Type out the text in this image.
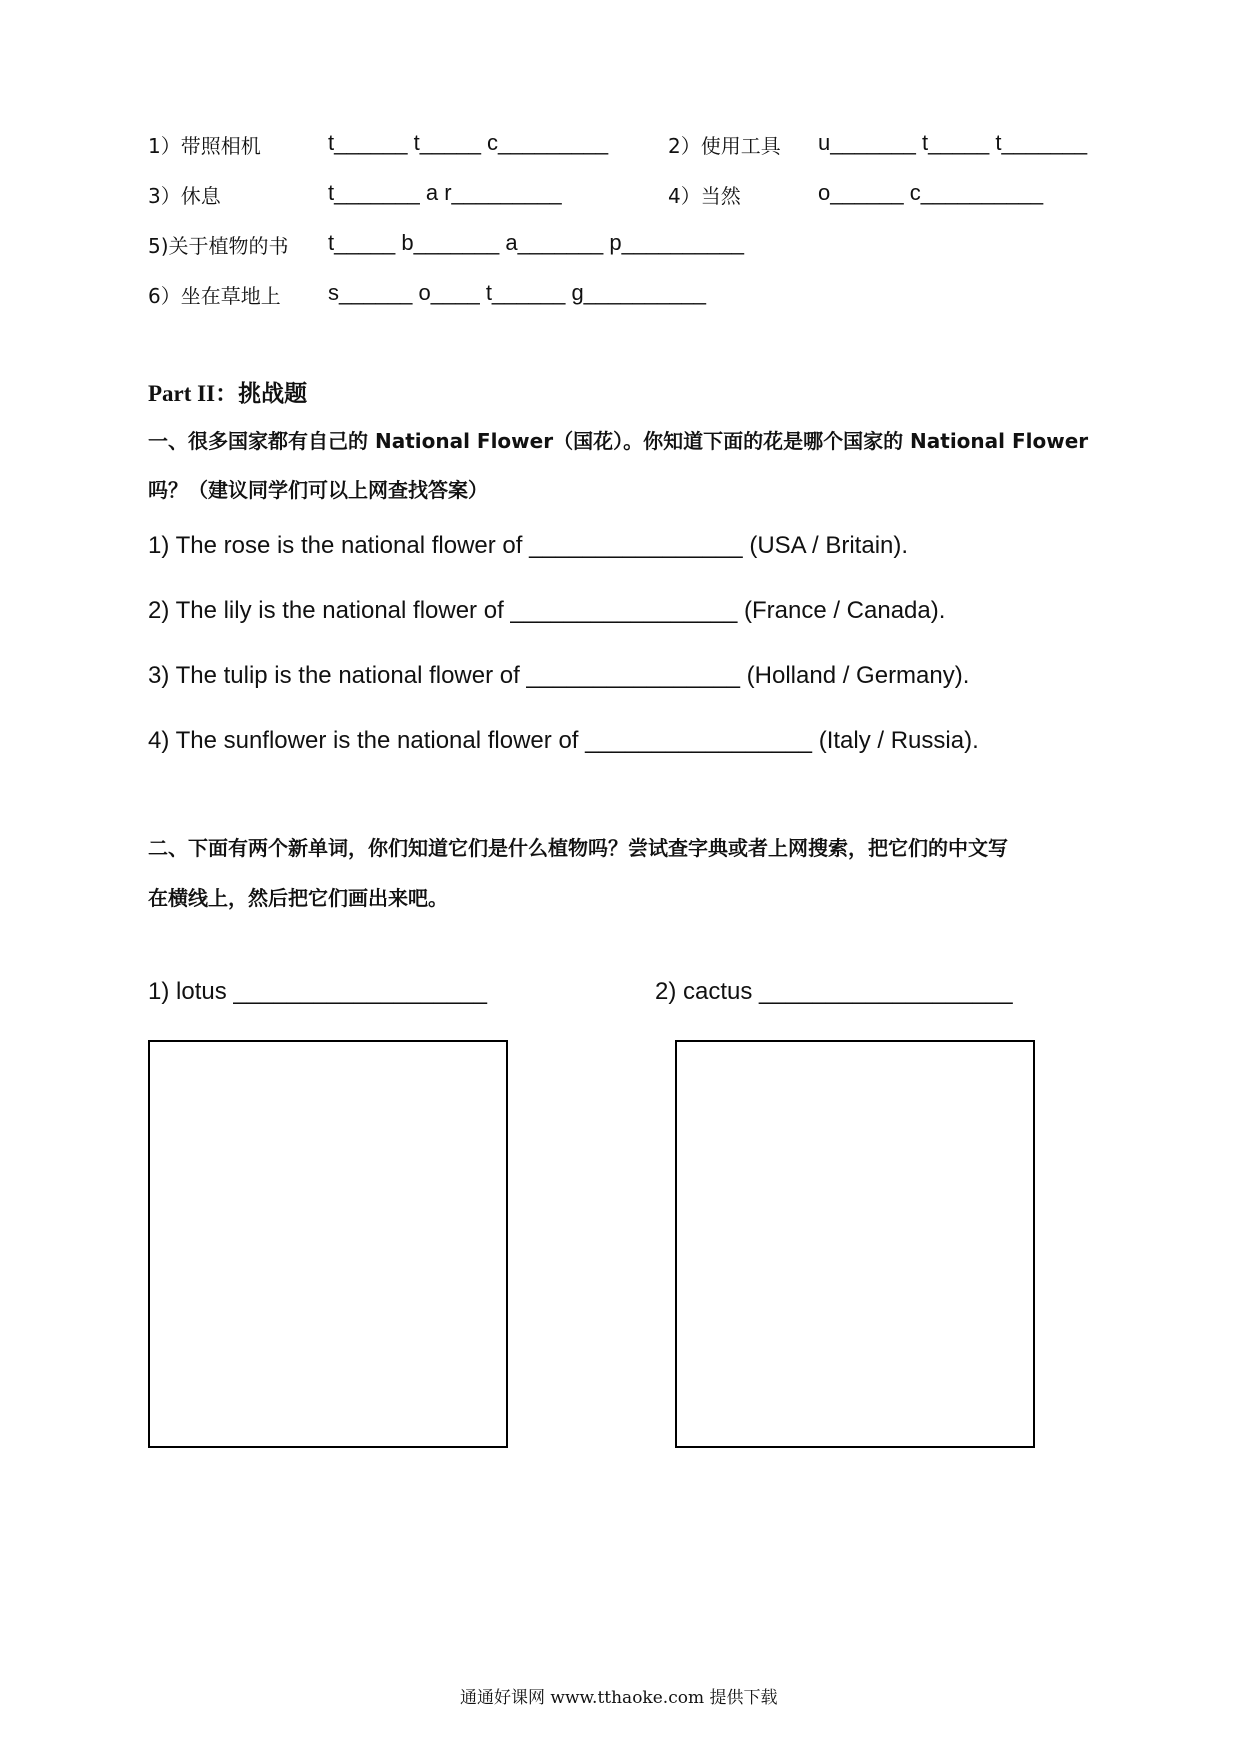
1）带照相机	t______ t_____ c_________	2）使用工具 u_______ t_____ t_______
3）休息	t_______ a r_________	4）当然	o______ c__________
5)关于植物的书 t_____ b_______ a_______ p__________
6）坐在草地上 s______ o____ t______ g__________
Part II：挑战题
一、很多国家都有自己的 National Flower（国花）。你知道下面的花是哪个国家的 National Flower
吗？（建议同学们可以上网查找答案）
1) The rose is the national flower of ________________ (USA / Britain).
2) The lily is the national flower of _________________ (France / Canada).
3) The tulip is the national flower of ________________ (Holland / Germany).
4) The sunflower is the national flower of _________________ (Italy / Russia).
二、下面有两个新单词，你们知道它们是什么植物吗？尝试查字典或者上网搜索，把它们的中文写
在横线上，然后把它们画出来吧。
1) lotus ___________________	2) cactus ___________________
通通好课网 www.tthaoke.com 提供下载
